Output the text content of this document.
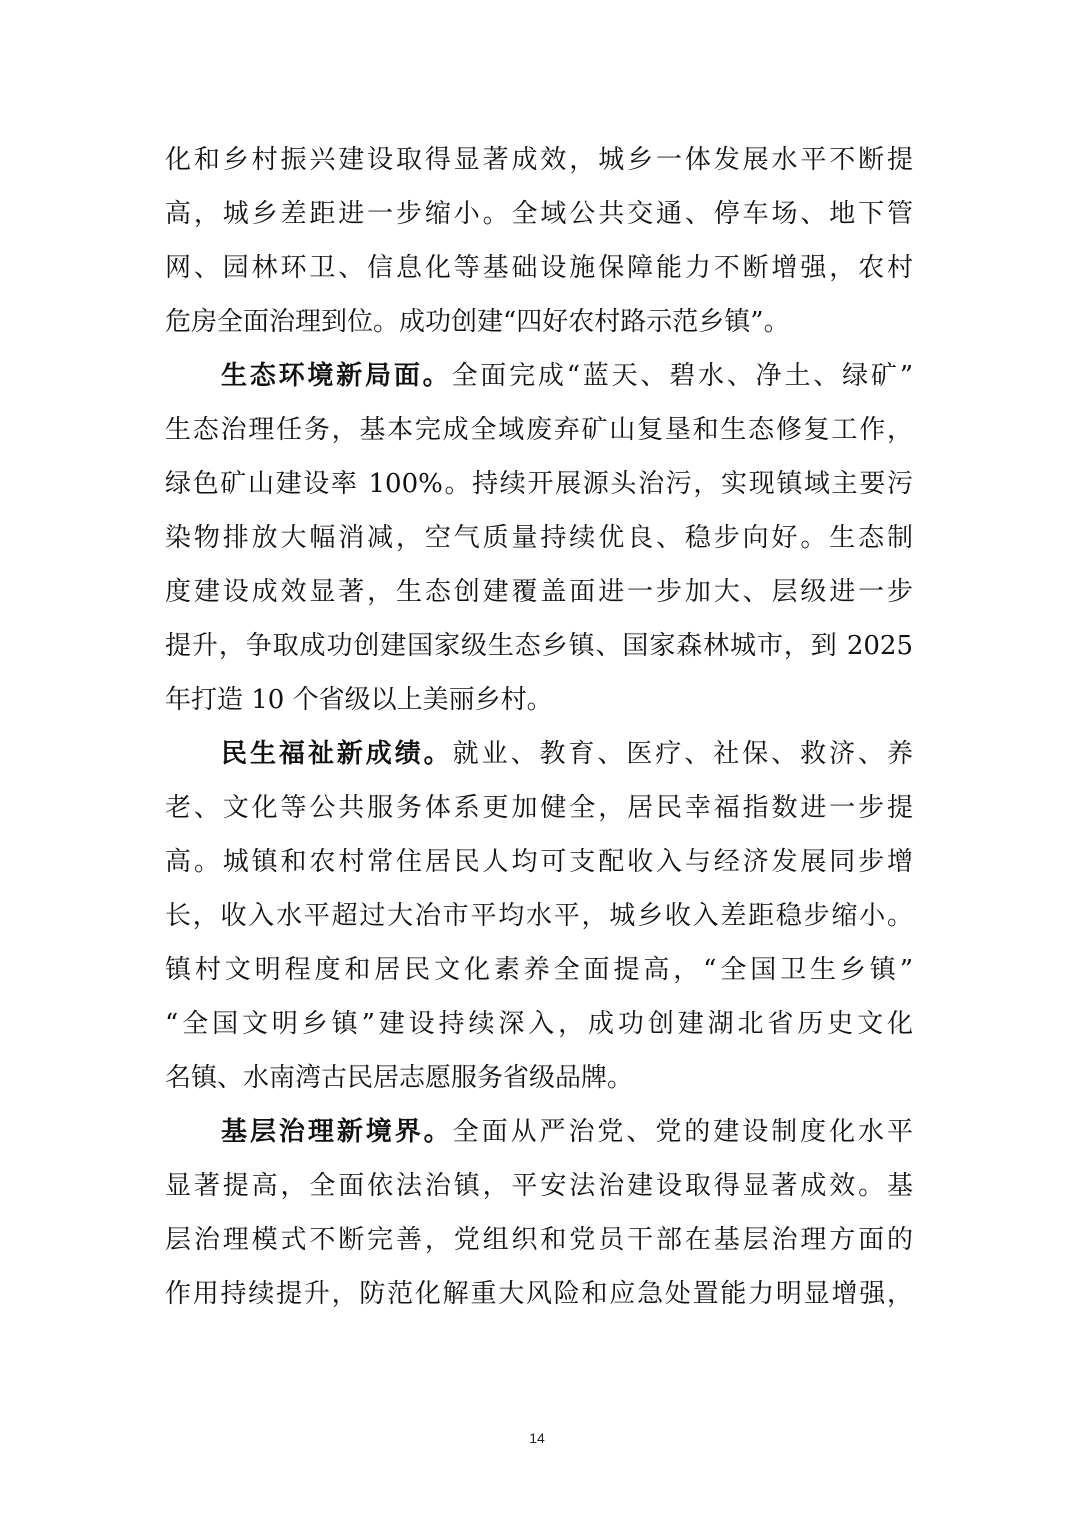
化和乡村振兴建设取得显著成效，城乡一体发展水平不断提
高，城乡差距进一步缩小。全域公共交通、停车场、地下管
网、园林环卫、信息化等基础设施保障能力不断增强，农村
危房全面治理到位。成功创建“四好农村路示范乡镇”。
生态环境新局面。全面完成“蓝天、碧水、净土、绿矿”
生态治理任务，基本完成全域废弃矿山复垦和生态修复工作，
绿色矿山建设率 100%。持续开展源头治污，实现镇域主要污
染物排放大幅消减，空气质量持续优良、稳步向好。生态制
度建设成效显著，生态创建覆盖面进一步加大、层级进一步
提升，争取成功创建国家级生态乡镇、国家森林城市，到 2025
年打造 10 个省级以上美丽乡村。
民生福祉新成绩。就业、教育、医疗、社保、救济、养
老、文化等公共服务体系更加健全，居民幸福指数进一步提
高。城镇和农村常住居民人均可支配收入与经济发展同步增
长，收入水平超过大冶市平均水平，城乡收入差距稳步缩小。
镇村文明程度和居民文化素养全面提高，“全国卫生乡镇”
“全国文明乡镇”建设持续深入，成功创建湖北省历史文化
名镇、水南湾古民居志愿服务省级品牌。
基层治理新境界。全面从严治党、党的建设制度化水平
显著提高，全面依法治镇，平安法治建设取得显著成效。基
层治理模式不断完善，党组织和党员干部在基层治理方面的
作用持续提升，防范化解重大风险和应急处置能力明显增强，
14
